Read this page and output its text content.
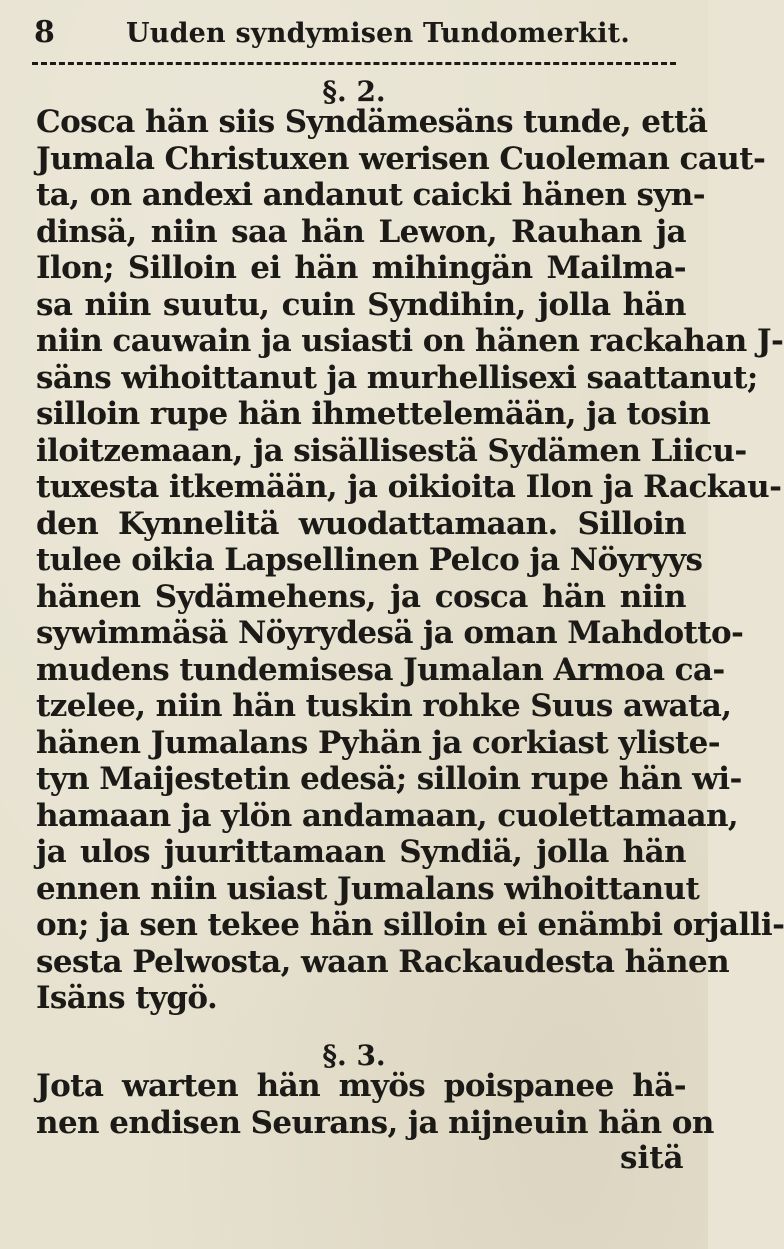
8	Uuden syndymisen Tundomerkit.
§. 2.
Cosca hän siis Syndämesäns tunde, että
Jumala Christuxen werisen Cuoleman caut-
ta, on andexi andanut caicki hänen syn-
dinsä, niin saa hän Lewon, Rauhan ja
Ilon; Silloin ei hän mihingän Mailma-
sa niin suutu, cuin Syndihin, jolla hän
niin cauwain ja usiasti on hänen rackahan J-
säns wihoittanut ja murhellisexi saattanut;
silloin rupe hän ihmettelemään, ja tosin
iloitzemaan, ja sisällisestä Sydämen Liicu-
tuxesta itkemään, ja oikioita Ilon ja Rackau-
den Kynnelitä wuodattamaan. Silloin
tulee oikia Lapsellinen Pelco ja Nöyryys
hänen Sydämehens, ja cosca hän niin
sywimmäsä Nöyrydesä ja oman Mahdotto-
mudens tundemisesa Jumalan Armoa ca-
tzelee, niin hän tuskin rohke Suus awata,
hänen Jumalans Pyhän ja corkiast yliste-
tyn Maijestetin edesä; silloin rupe hän wi-
hamaan ja ylön andamaan, cuolettamaan,
ja ulos juurittamaan Syndiä, jolla hän
ennen niin usiast Jumalans wihoittanut
on; ja sen tekee hän silloin ei enämbi orjalli-
sesta Pelwosta, waan Rackaudesta hänen
Isäns tygö.
§. 3.
Jota warten hän myös poispanee hä-
nen endisen Seurans, ja nijneuin hän on
sitä
